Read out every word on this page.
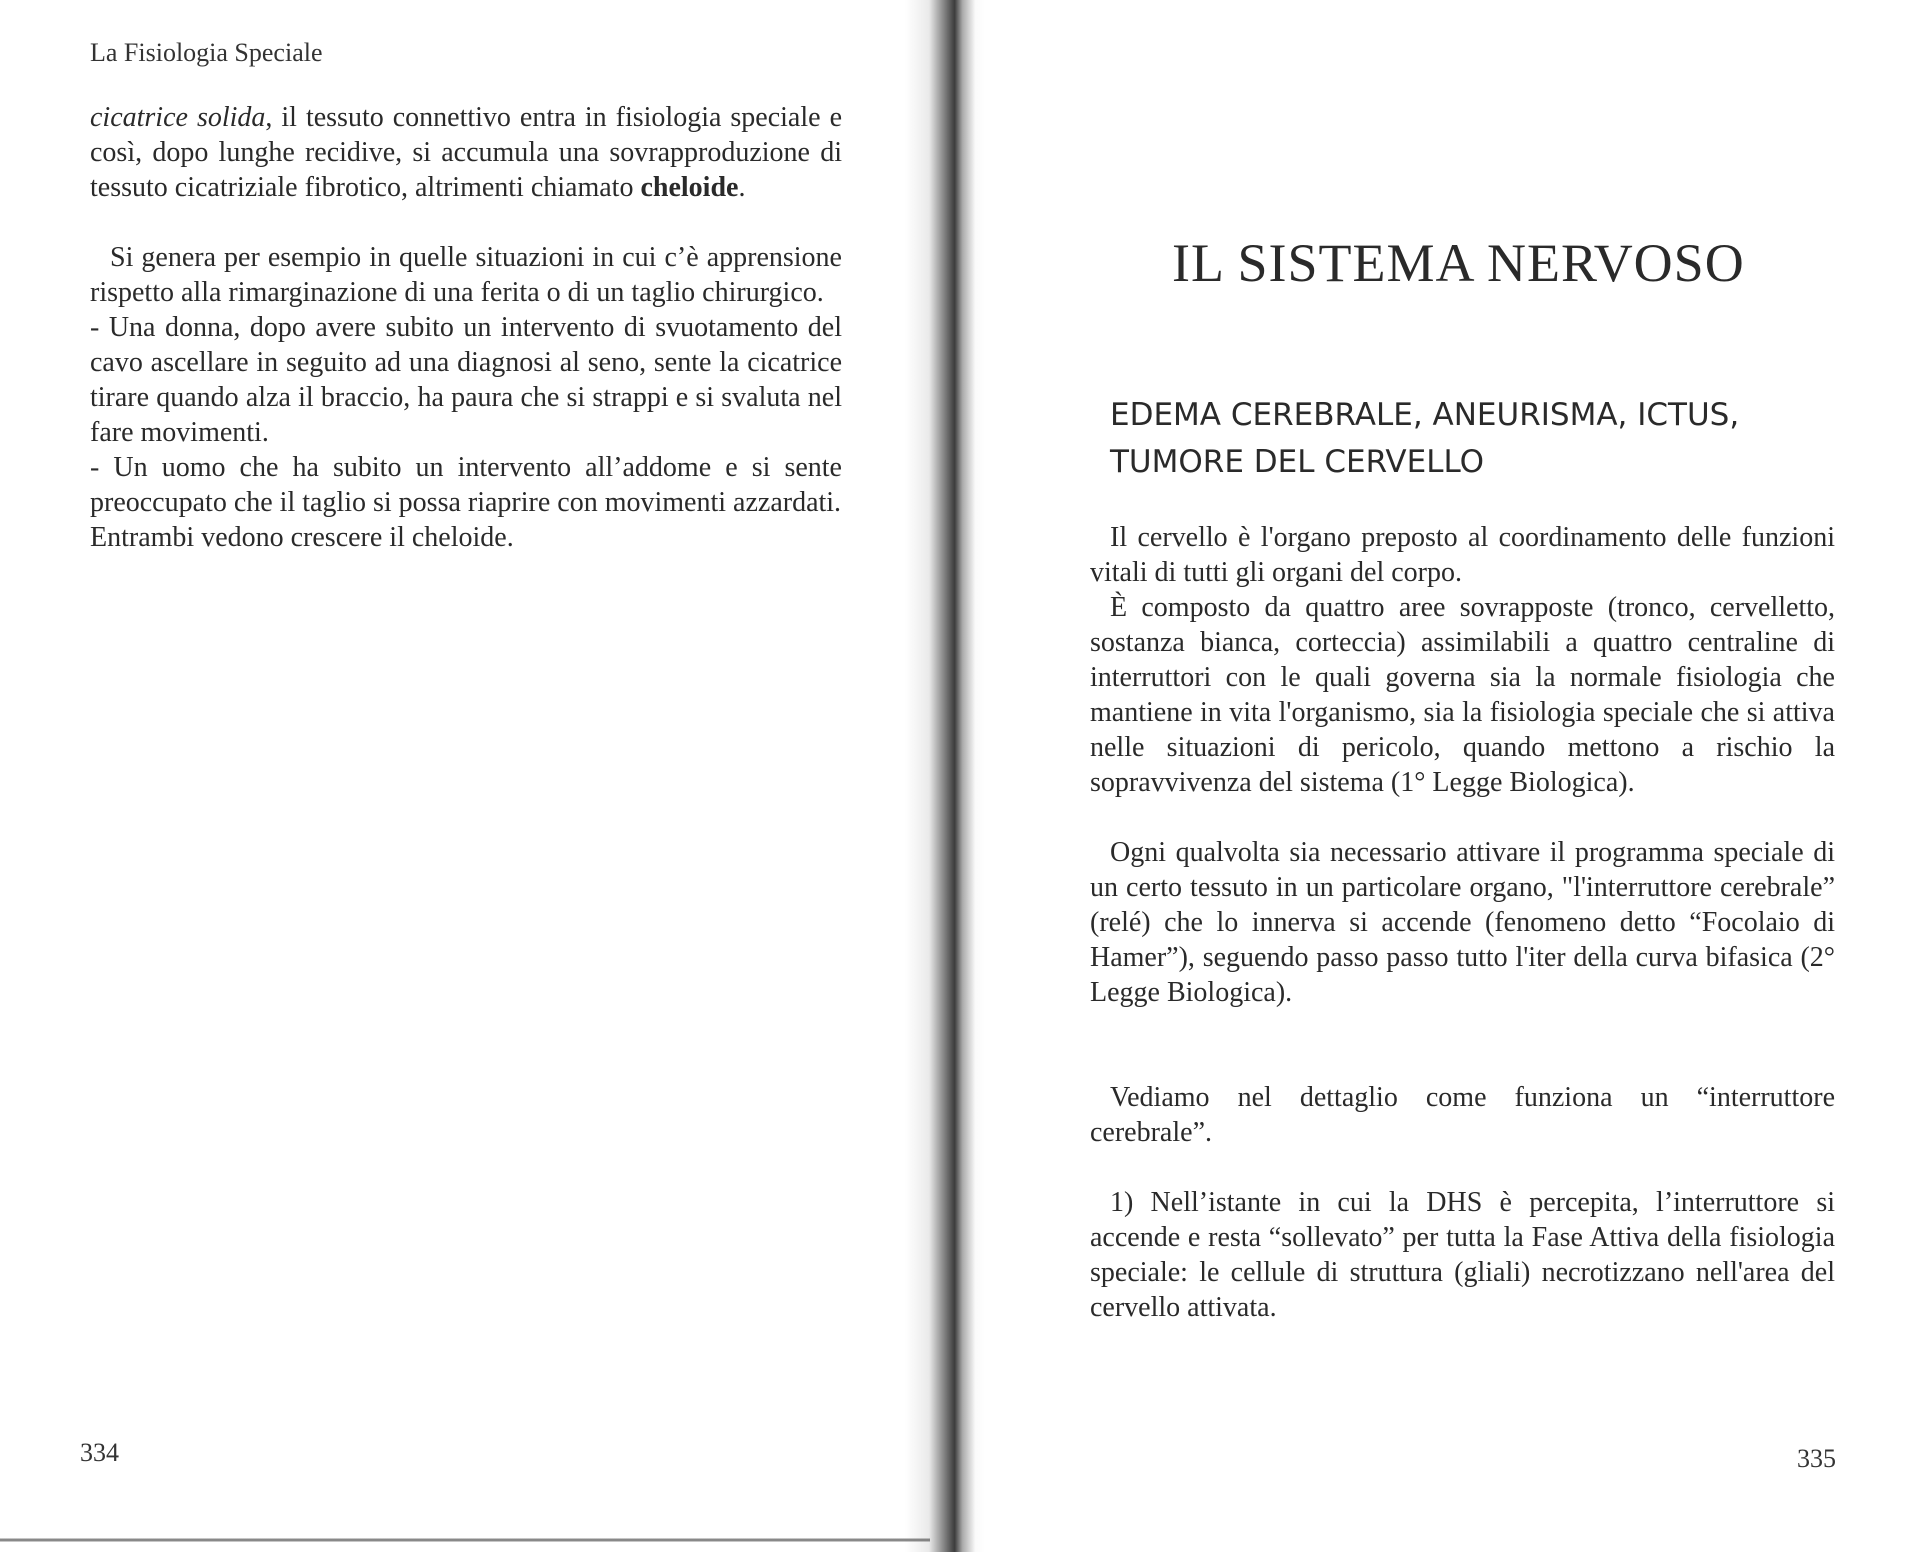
La Fisiologia Speciale

cicatrice solida, il tessuto connettivo entra in fisiologia speciale e così, dopo lunghe recidive, si accumula una sovrapproduzione di tessuto cicatriziale fibrotico, altrimenti chiamato cheloide.

Si genera per esempio in quelle situazioni in cui c’è apprensione rispetto alla rimarginazione di una ferita o di un taglio chirurgico.

- Una donna, dopo avere subito un intervento di svuotamento del cavo ascellare in seguito ad una diagnosi al seno, sente la cicatrice tirare quando alza il braccio, ha paura che si strappi e si svaluta nel fare movimenti.

- Un uomo che ha subito un intervento all’addome e si sente preoccupato che il taglio si possa riaprire con movimenti azzardati.

Entrambi vedono crescere il cheloide.

334
IL SISTEMA NERVOSO
EDEMA CEREBRALE, ANEURISMA, ICTUS, TUMORE DEL CERVELLO

Il cervello è l'organo preposto al coordinamento delle funzioni vitali di tutti gli organi del corpo.

È composto da quattro aree sovrapposte (tronco, cervelletto, sostanza bianca, corteccia) assimilabili a quattro centraline di interruttori con le quali governa sia la normale fisiologia che mantiene in vita l'organismo, sia la fisiologia speciale che si attiva nelle situazioni di pericolo, quando mettono a rischio la sopravvivenza del sistema (1° Legge Biologica).

Ogni qualvolta sia necessario attivare il programma speciale di un certo tessuto in un particolare organo, "l'interruttore cerebrale” (relé) che lo innerva si accende (fenomeno detto “Focolaio di Hamer”), seguendo passo passo tutto l'iter della curva bifasica (2° Legge Biologica).

Vediamo nel dettaglio come funziona un “interruttore cerebrale”.

1) Nell’istante in cui la DHS è percepita, l’interruttore si accende e resta “sollevato” per tutta la Fase Attiva della fisiologia speciale: le cellule di struttura (gliali) necrotizzano nell'area del cervello attivata.

335
